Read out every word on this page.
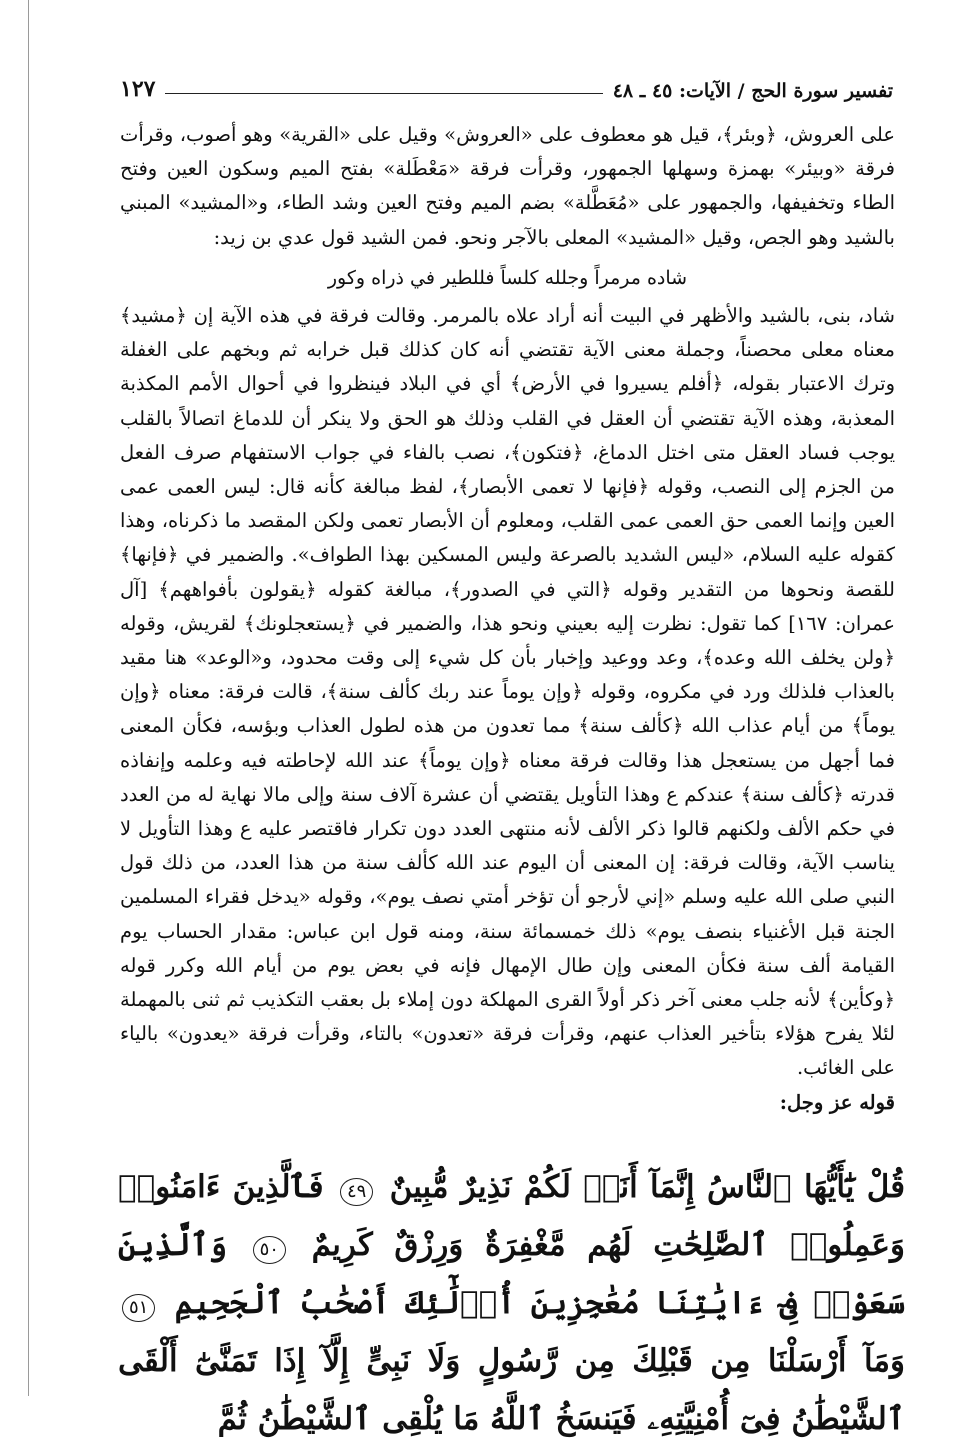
تفسير سورة الحج / الآيات: ٤٥ ـ ٤٨
١٢٧

على العروش، ﴿وبئر﴾، قيل هو معطوف على «العروش» وقيل على «القرية» وهو أصوب، وقرأت فرقة «وبيئر» بهمزة وسهلها الجمهور، وقرأت فرقة «مَعْطَلة» بفتح الميم وسكون العين وفتح الطاء وتخفيفها، والجمهور على «مُعَطَّلة» بضم الميم وفتح العين وشد الطاء، و«المشيد» المبني بالشيد وهو الجص، وقيل «المشيد» المعلى بالآجر ونحو. فمن الشيد قول عدي بن زيد:

شاده مرمراً وجلله كلساً فللطير في ذراه وكور

شاد، بنى، بالشيد والأظهر في البيت أنه أراد علاه بالمرمر. وقالت فرقة في هذه الآية إن ﴿مشيد﴾ معناه معلى محصناً، وجملة معنى الآية تقتضي أنه كان كذلك قبل خرابه ثم وبخهم على الغفلة وترك الاعتبار بقوله، ﴿أفلم يسيروا في الأرض﴾ أي في البلاد فينظروا في أحوال الأمم المكذبة المعذبة، وهذه الآية تقتضي أن العقل في القلب وذلك هو الحق ولا ينكر أن للدماغ اتصالاً بالقلب يوجب فساد العقل متى اختل الدماغ، ﴿فتكون﴾، نصب بالفاء في جواب الاستفهام صرف الفعل من الجزم إلى النصب، وقوله ﴿فإنها لا تعمى الأبصار﴾، لفظ مبالغة كأنه قال: ليس العمى عمى العين وإنما العمى حق العمى عمى القلب، ومعلوم أن الأبصار تعمى ولكن المقصد ما ذكرناه، وهذا كقوله عليه السلام، «ليس الشديد بالصرعة وليس المسكين بهذا الطواف». والضمير في ﴿فإنها﴾ للقصة ونحوها من التقدير وقوله ﴿التي في الصدور﴾، مبالغة كقوله ﴿يقولون بأفواههم﴾ [آل عمران: ١٦٧] كما تقول: نظرت إليه بعيني ونحو هذا، والضمير في ﴿يستعجلونك﴾ لقريش، وقوله ﴿ولن يخلف الله وعده﴾، وعد ووعيد وإخبار بأن كل شيء إلى وقت محدود، و«الوعد» هنا مقيد بالعذاب فلذلك ورد في مكروه، وقوله ﴿وإن يوماً عند ربك كألف سنة﴾، قالت فرقة: معناه ﴿وإن يوماً﴾ من أيام عذاب الله ﴿كألف سنة﴾ مما تعدون من هذه لطول العذاب وبؤسه، فكأن المعنى فما أجهل من يستعجل هذا وقالت فرقة معناه ﴿وإن يوماً﴾ عند الله لإحاطته فيه وعلمه وإنفاذه قدرته ﴿كألف سنة﴾ عندكم ع وهذا التأويل يقتضي أن عشرة آلاف سنة وإلى مالا نهاية له من العدد في حكم الألف ولكنهم قالوا ذكر الألف لأنه منتهى العدد دون تكرار فاقتصر عليه ع وهذا التأويل لا يناسب الآية، وقالت فرقة: إن المعنى أن اليوم عند الله كألف سنة من هذا العدد، من ذلك قول النبي صلى الله عليه وسلم «إني لأرجو أن تؤخر أمتي نصف يوم»، وقوله «يدخل فقراء المسلمين الجنة قبل الأغنياء بنصف يوم» ذلك خمسمائة سنة، ومنه قول ابن عباس: مقدار الحساب يوم القيامة ألف سنة فكأن المعنى وإن طال الإمهال فإنه في بعض يوم من أيام الله وكرر قوله ﴿وكأين﴾ لأنه جلب معنى آخر ذكر أولاً القرى المهلكة دون إملاء بل بعقب التكذيب ثم ثنى بالمهملة لئلا يفرح هؤلاء بتأخير العذاب عنهم، وقرأت فرقة «تعدون» بالتاء، وقرأت فرقة «يعدون» بالياء على الغائب.

قوله عز وجل:

قُلْ يَٰٓأَيُّهَا ٱلنَّاسُ إِنَّمَآ أَنَا۠ لَكُمْ نَذِيرٌ مُّبِينٌ ٤٩ فَٱلَّذِينَ ءَامَنُوا۟ وَعَمِلُوا۟ ٱلصَّٰلِحَٰتِ لَهُم مَّغْفِرَةٌ وَرِزْقٌ كَرِيمٌ ٥٠ وَٱلَّذِينَ سَعَوْا۟ فِىٓ ءَايَٰتِنَا مُعَٰجِزِينَ أُو۟لَٰٓئِكَ أَصْحَٰبُ ٱلْجَحِيمِ ٥١ وَمَآ أَرْسَلْنَا مِن قَبْلِكَ مِن رَّسُولٍ وَلَا نَبِىٍّ إِلَّآ إِذَا تَمَنَّىٰٓ أَلْقَى ٱلشَّيْطَٰنُ فِىٓ أُمْنِيَّتِهِۦ فَيَنسَخُ ٱللَّهُ مَا يُلْقِى ٱلشَّيْطَٰنُ ثُمَّ
